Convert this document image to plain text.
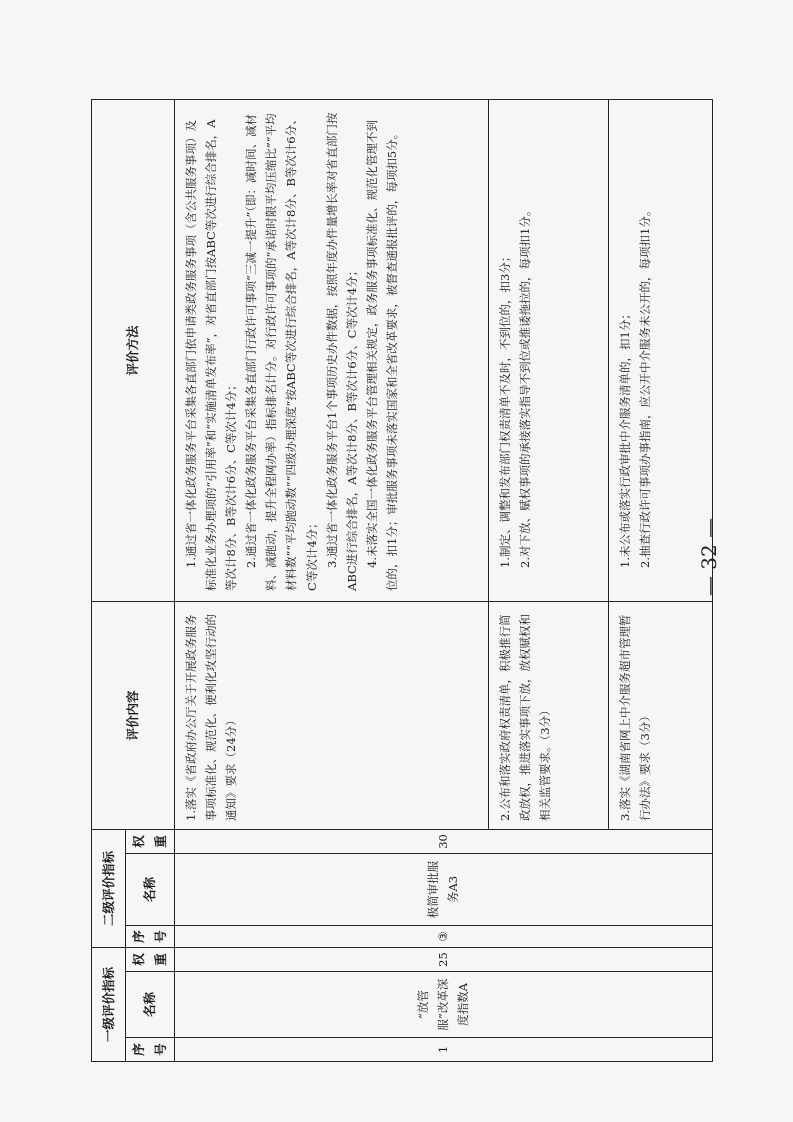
一级评价指标			二级评价指标			评价内容	评价方法
序号	名称	权重	序号	名称	权重		
1	“放管服”改革深度指数A	25	③	极简审批服务A3	30	1.落实《省政府办公厅关于开展政务服务事项标准化、规范化、便利化攻坚行动的通知》要求（24分）	1.通过省一体化政务服务平台采集各直部门依申请类政务服务事项（含公共服务事项）及标准化业务办理项的“引用率”和“实施清单发布率”，对省直部门按ABC等次进行综合排名，A等次计8分、B等次计6分、C等次计4分； 2.通过省一体化政务服务平台采集各直部门行政许可事项“三减一提升”（即：减时间、减材料、减跑动，提升全程网办率）指标排名计分。对行政许可事项的“承诺时限平均压缩比”“平均材料数”“平均跑动数”“四级办理深度”按ABC等次进行综合排名，A等次计8分、B等次计6分、C等次计4分； 3.通过省一体化政务服务平台1个事项历史办件数据，按照年度办件量增长率对省直部门按ABC进行综合排名，A等次计8分、B等次计6分、C等次计4分； 4.未落实全国一体化政务服务平台管理相关规定，政务服务事项标准化、规范化管理不到位的，扣1分；审批服务事项未落实国家和全省改革要求，被督查通报批评的，每项扣5分。

						2.公布和落实政府权责清单，积极推行简政放权，推进落实事项下放，放权赋权和相关监管要求。（3分）	1.制定、调整和发布部门权责清单不及时，不到位的，扣3分； 2.对下放、赋权事项的承接落实指导不到位或推诿拖拉的，每项扣1分。

						3.落实《湖南省网上中介服务超市管理暂行办法》要求（3分）	1.未公布或落实行政审批中介服务清单的，扣1分； 2.抽查行政许可事项办事指南，应公开中介服务未公开的，每项扣1分。 — 32 —
